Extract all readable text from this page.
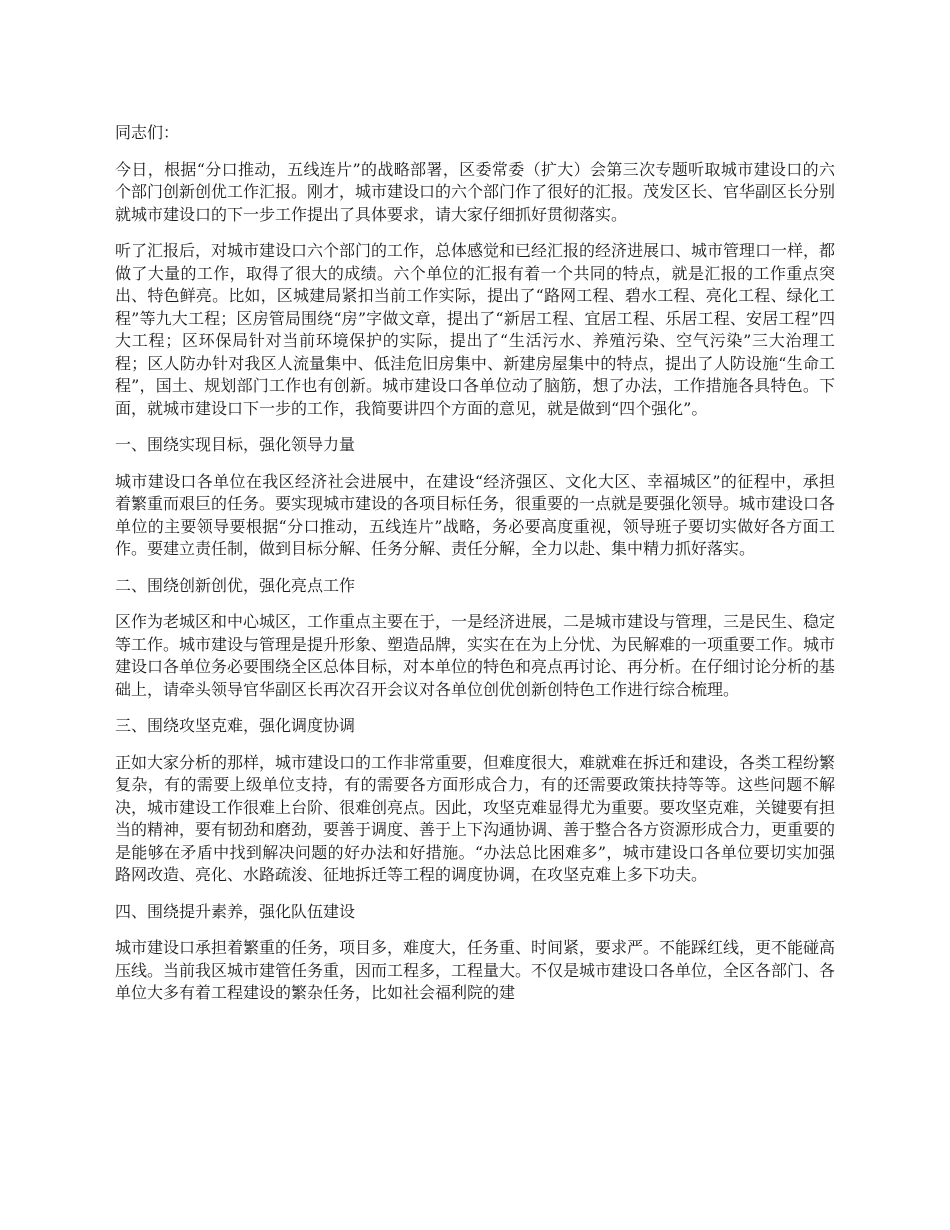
同志们：

今日，根据“分口推动，五线连片”的战略部署，区委常委（扩大）会第三次专题听取城市建设口的六个部门创新创优工作汇报。刚才，城市建设口的六个部门作了很好的汇报。茂发区长、官华副区长分别就城市建设口的下一步工作提出了具体要求，请大家仔细抓好贯彻落实。

听了汇报后，对城市建设口六个部门的工作，总体感觉和已经汇报的经济进展口、城市管理口一样，都做了大量的工作，取得了很大的成绩。六个单位的汇报有着一个共同的特点，就是汇报的工作重点突出、特色鲜亮。比如，区城建局紧扣当前工作实际，提出了“路网工程、碧水工程、亮化工程、绿化工程”等九大工程；区房管局围绕“房”字做文章，提出了“新居工程、宜居工程、乐居工程、安居工程”四大工程；区环保局针对当前环境保护的实际，提出了“生活污水、养殖污染、空气污染”三大治理工程；区人防办针对我区人流量集中、低洼危旧房集中、新建房屋集中的特点，提出了人防设施“生命工程”，国土、规划部门工作也有创新。城市建设口各单位动了脑筋，想了办法，工作措施各具特色。下面，就城市建设口下一步的工作，我简要讲四个方面的意见，就是做到“四个强化”。

一、围绕实现目标，强化领导力量

城市建设口各单位在我区经济社会进展中，在建设“经济强区、文化大区、幸福城区”的征程中，承担着繁重而艰巨的任务。要实现城市建设的各项目标任务，很重要的一点就是要强化领导。城市建设口各单位的主要领导要根据“分口推动，五线连片”战略，务必要高度重视，领导班子要切实做好各方面工作。要建立责任制，做到目标分解、任务分解、责任分解，全力以赴、集中精力抓好落实。

二、围绕创新创优，强化亮点工作

区作为老城区和中心城区，工作重点主要在于，一是经济进展，二是城市建设与管理，三是民生、稳定等工作。城市建设与管理是提升形象、塑造品牌，实实在在为上分忧、为民解难的一项重要工作。城市建设口各单位务必要围绕全区总体目标，对本单位的特色和亮点再讨论、再分析。在仔细讨论分析的基础上，请牵头领导官华副区长再次召开会议对各单位创优创新创特色工作进行综合梳理。

三、围绕攻坚克难，强化调度协调

正如大家分析的那样，城市建设口的工作非常重要，但难度很大，难就难在拆迁和建设，各类工程纷繁复杂，有的需要上级单位支持，有的需要各方面形成合力，有的还需要政策扶持等等。这些问题不解决，城市建设工作很难上台阶、很难创亮点。因此，攻坚克难显得尤为重要。要攻坚克难，关键要有担当的精神，要有韧劲和磨劲，要善于调度、善于上下沟通协调、善于整合各方资源形成合力，更重要的是能够在矛盾中找到解决问题的好办法和好措施。“办法总比困难多”，城市建设口各单位要切实加强路网改造、亮化、水路疏浚、征地拆迁等工程的调度协调，在攻坚克难上多下功夫。

四、围绕提升素养，强化队伍建设

城市建设口承担着繁重的任务，项目多，难度大，任务重、时间紧，要求严。不能踩红线，更不能碰高压线。当前我区城市建管任务重，因而工程多，工程量大。不仅是城市建设口各单位，全区各部门、各单位大多有着工程建设的繁杂任务，比如社会福利院的建
